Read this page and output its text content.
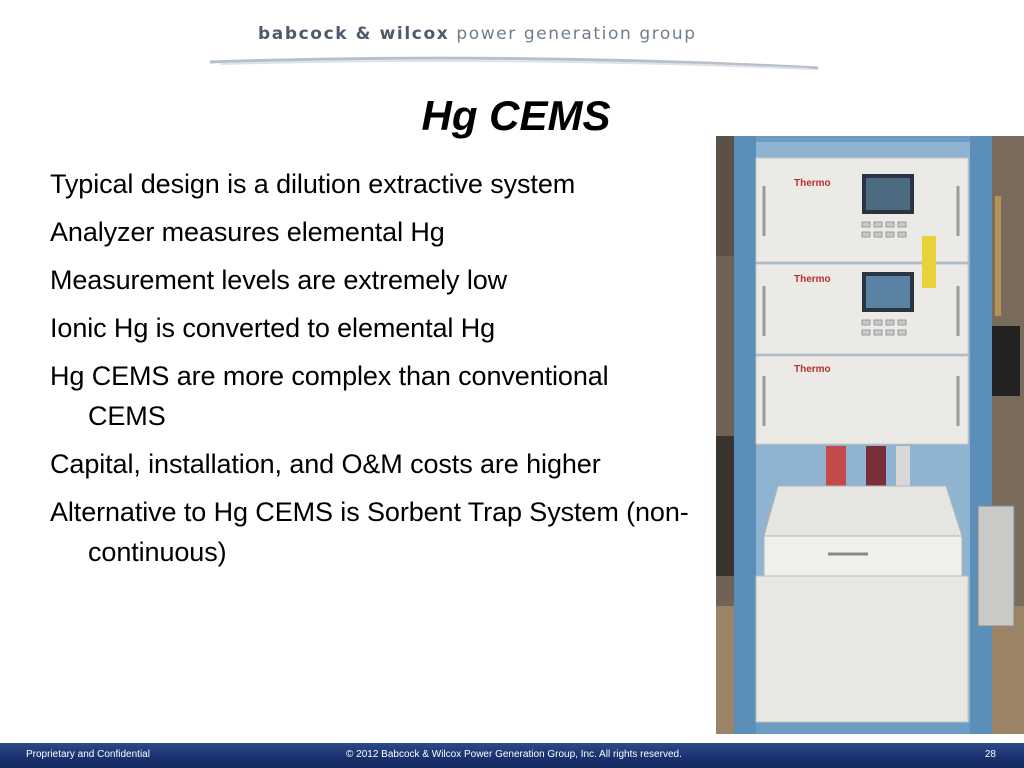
babcock & wilcox power generation group
Hg CEMS
Typical design is a dilution extractive system
Analyzer measures elemental Hg
Measurement levels are extremely low
Ionic Hg is converted to elemental Hg
Hg CEMS are more complex than conventional CEMS
Capital, installation, and O&M costs are higher
Alternative to Hg CEMS is Sorbent Trap System (non-continuous)
Thermo
Thermo
Thermo
Proprietary and Confidential	© 2012 Babcock & Wilcox Power Generation Group, Inc. All rights reserved.	28
